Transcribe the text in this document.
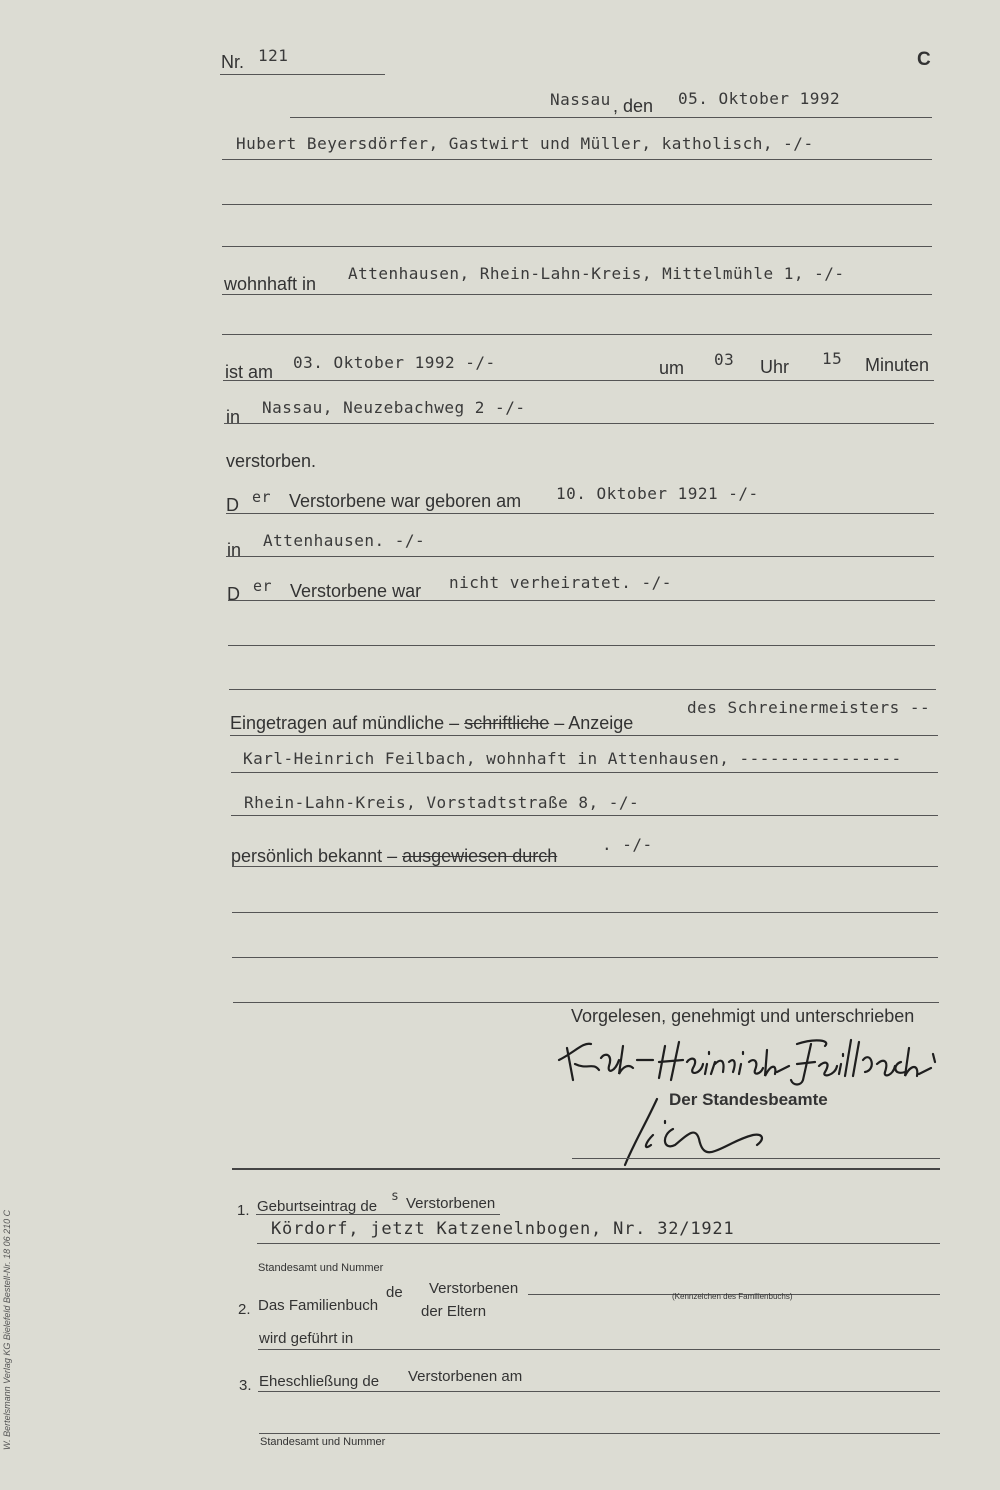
Nr. 121	C
Nassau , den 05. Oktober 1992
Hubert Beyersdörfer, Gastwirt und Müller, katholisch, -/-
wohnhaft in
Attenhausen, Rhein-Lahn-Kreis, Mittelmühle 1, -/-
ist am 03. Oktober 1992 -/-	um 03 Uhr 15 Minuten
in Nassau, Neuzebachweg 2 -/-
verstorben.
D er Verstorbene war geboren am 10. Oktober 1921 -/-
in Attenhausen. -/-
D er Verstorbene war nicht verheiratet. -/-
Eingetragen auf mündliche – schriftliche – Anzeige
des Schreinermeisters --
Karl-Heinrich Feilbach, wohnhaft in Attenhausen, ----------------
Rhein-Lahn-Kreis, Vorstadtstraße 8, -/-
persönlich bekannt – ausgewiesen durch
. -/-
Vorgelesen, genehmigt und unterschrieben
Der Standesbeamte
1. Geburtseintrag de
s Verstorbenen
Kördorf, jetzt Katzenelnbogen, Nr. 32/1921
Standesamt und Nummer
2. Das Familienbuch
de Verstorbenen	(Kennzeichen des Familienbuchs)
der Eltern
wird geführt in
3. Eheschließung de Verstorbenen am
Standesamt und Nummer
W. Bertelsmann Verlag KG Bielefeld Bestell-Nr. 18 06 210 C
